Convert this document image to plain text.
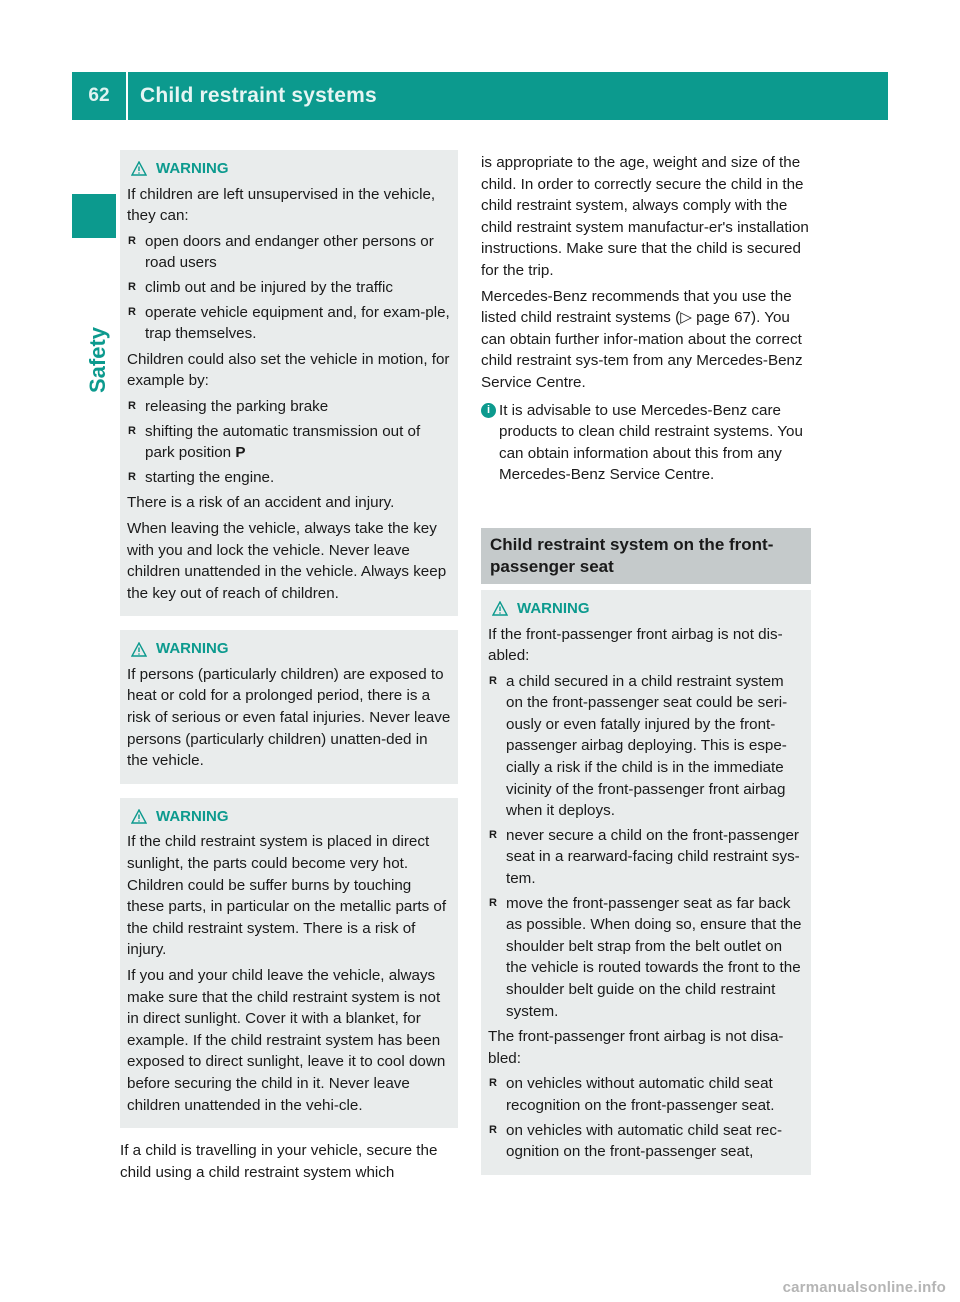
62	Child restraint systems
Safety
WARNING

If children are left unsupervised in the vehicle, they can:

R open doors and endanger other persons or road users
R climb out and be injured by the traffic
R operate vehicle equipment and, for exam-ple, trap themselves.

Children could also set the vehicle in motion, for example by:

R releasing the parking brake
R shifting the automatic transmission out of park position P
R starting the engine.

There is a risk of an accident and injury.

When leaving the vehicle, always take the key with you and lock the vehicle. Never leave children unattended in the vehicle. Always keep the key out of reach of children.

WARNING

If persons (particularly children) are exposed to heat or cold for a prolonged period, there is a risk of serious or even fatal injuries. Never leave persons (particularly children) unatten-ded in the vehicle.

WARNING

If the child restraint system is placed in direct sunlight, the parts could become very hot. Children could be suffer burns by touching these parts, in particular on the metallic parts of the child restraint system. There is a risk of injury.

If you and your child leave the vehicle, always make sure that the child restraint system is not in direct sunlight. Cover it with a blanket, for example. If the child restraint system has been exposed to direct sunlight, leave it to cool down before securing the child in it. Never leave children unattended in the vehi-cle.

If a child is travelling in your vehicle, secure the child using a child restraint system which

is appropriate to the age, weight and size of the child. In order to correctly secure the child in the child restraint system, always comply with the child restraint system manufactur-er's installation instructions. Make sure that the child is secured for the trip.

Mercedes-Benz recommends that you use the listed child restraint systems (▷ page 67). You can obtain further infor-mation about the correct child restraint sys-tem from any Mercedes-Benz Service Centre.

i It is advisable to use Mercedes-Benz care products to clean child restraint systems. You can obtain information about this from any Mercedes-Benz Service Centre.
Child restraint system on the front-passenger seat
WARNING

If the front-passenger front airbag is not dis-abled:

R a child secured in a child restraint system on the front-passenger seat could be seri-ously or even fatally injured by the front-passenger airbag deploying. This is espe-cially a risk if the child is in the immediate vicinity of the front-passenger front airbag when it deploys.
R never secure a child on the front-passenger seat in a rearward-facing child restraint sys-tem.
R move the front-passenger seat as far back as possible. When doing so, ensure that the shoulder belt strap from the belt outlet on the vehicle is routed towards the front to the shoulder belt guide on the child restraint system.

The front-passenger front airbag is not disa-bled:

R on vehicles without automatic child seat recognition on the front-passenger seat.
R on vehicles with automatic child seat rec-ognition on the front-passenger seat,
carmanualsonline.info
